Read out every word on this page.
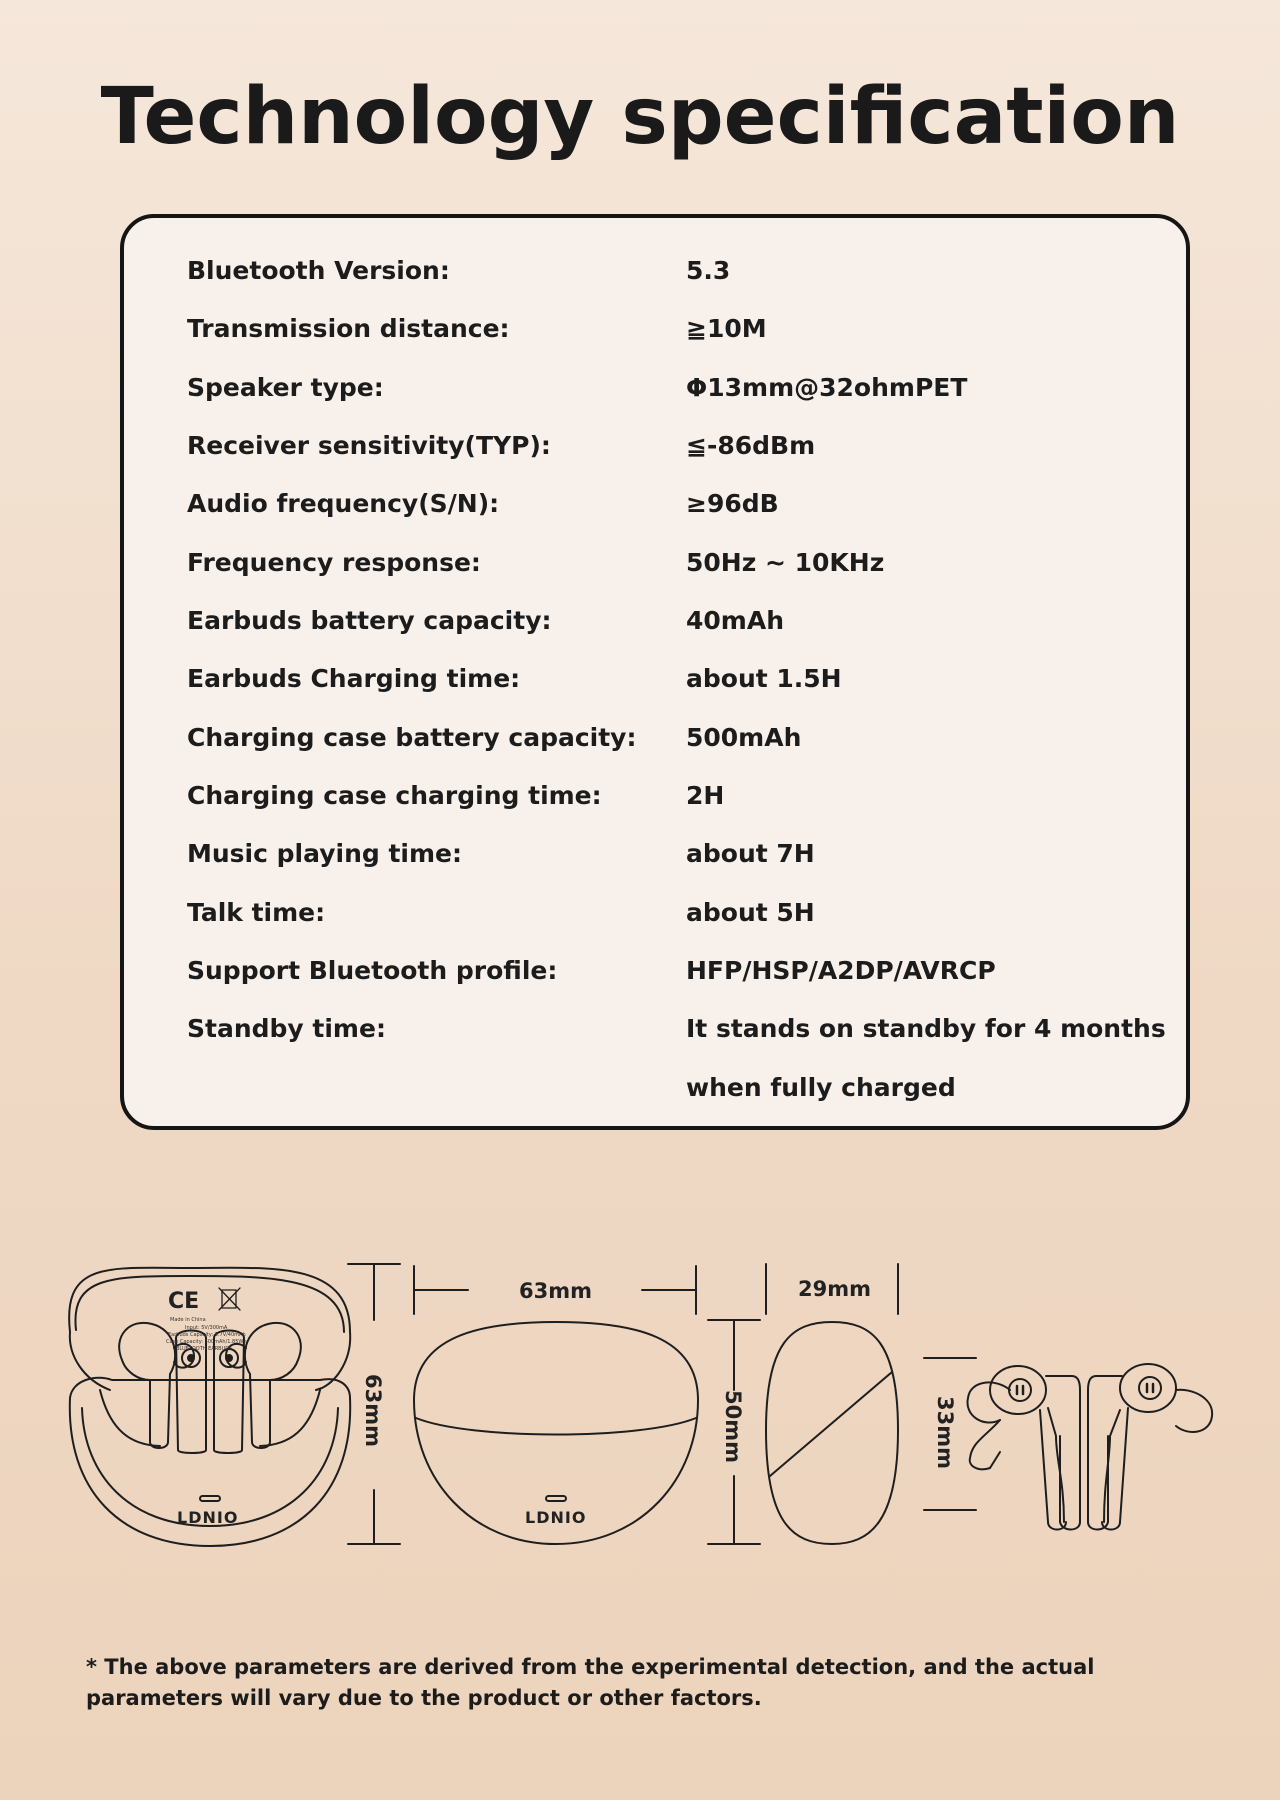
Technology specification
Bluetooth Version:	5.3
Transmission distance:	≧10M
Speaker type:	Φ13mm@32ohmPET
Receiver sensitivity(TYP):	≦-86dBm
Audio frequency(S/N):	≥96dB
Frequency response:	50Hz ~ 10KHz
Earbuds battery capacity:	40mAh
Earbuds Charging time:	about 1.5H
Charging case battery capacity: 500mAh
Charging case charging time:	2H
Music playing time:	about 7H
Talk time:	about 5H
Support Bluetooth profile:	HFP/HSP/A2DP/AVRCP
Standby time:	It stands on standby for 4 months
when fully charged
CE
Made in China
Input: 5V/300mA
Earbuds Capacity: 3.7V/40mAh
Case Capacity: 500mAh/1.85Wh
BLUETOOTH EARBUDS
LDNIO
63mm
LDNIO
63mm
50mm
29mm
33mm
* The above parameters are derived from the experimental detection, and the actual parameters will vary due to the product or other factors.
